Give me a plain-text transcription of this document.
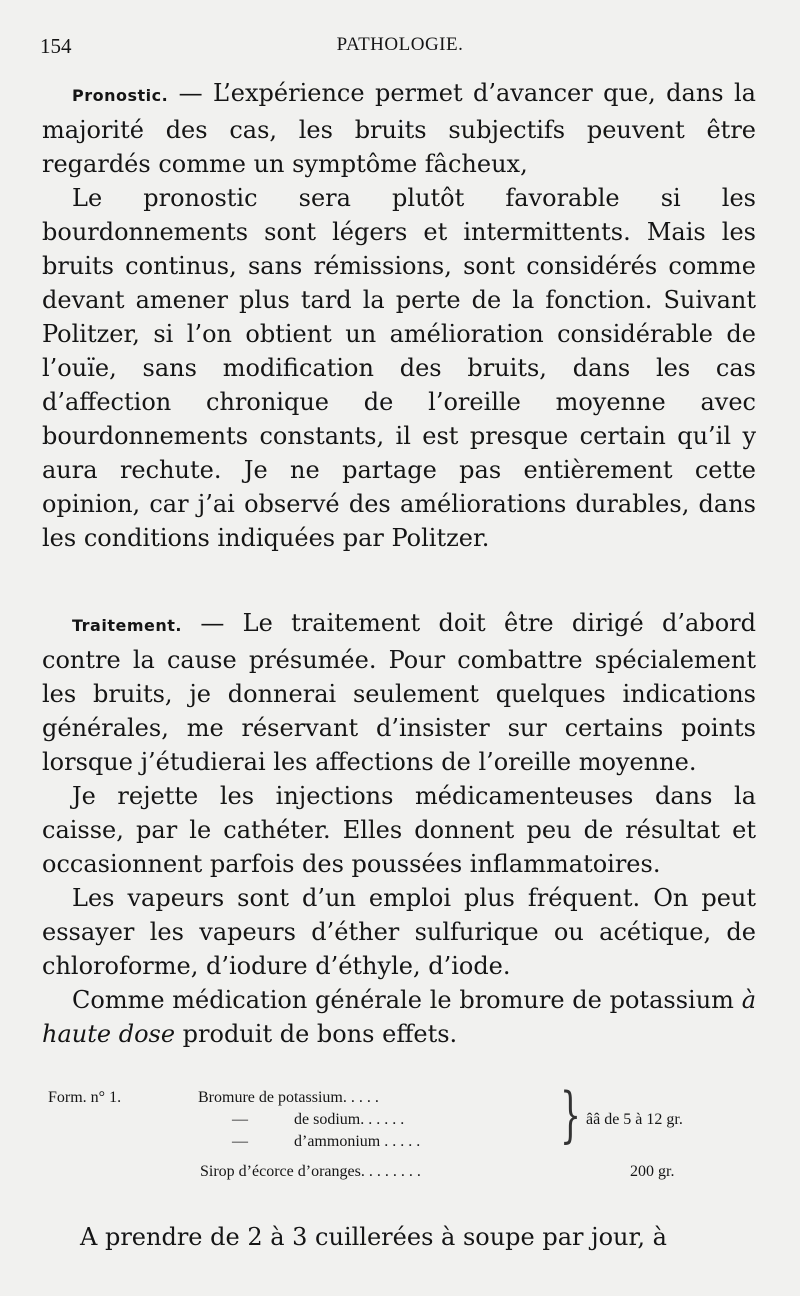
154	PATHOLOGIE.

Pronostic. — L’expérience permet d’avancer que, dans la majorité des cas, les bruits subjectifs peuvent être regardés comme un symptôme fâcheux,

Le pronostic sera plutôt favorable si les bourdonnements sont légers et intermittents. Mais les bruits continus, sans rémissions, sont considérés comme devant amener plus tard la perte de la fonction. Suivant Politzer, si l’on obtient un amélioration considérable de l’ouïe, sans modification des bruits, dans les cas d’affection chronique de l’oreille moyenne avec bourdonnements constants, il est presque certain qu’il y aura rechute. Je ne partage pas entièrement cette opinion, car j’ai observé des améliorations durables, dans les conditions indiquées par Politzer.

Traitement. — Le traitement doit être dirigé d’abord contre la cause présumée. Pour combattre spécialement les bruits, je donnerai seulement quelques indications générales, me réservant d’insister sur certains points lorsque j’étudierai les affections de l’oreille moyenne.

Je rejette les injections médicamenteuses dans la caisse, par le cathéter. Elles donnent peu de résultat et occasionnent parfois des poussées inflammatoires.

Les vapeurs sont d’un emploi plus fréquent. On peut essayer les vapeurs d’éther sulfurique ou acétique, de chloroforme, d’iodure d’éthyle, d’iode.

Comme médication générale le bromure de potassium à haute dose produit de bons effets.

Form. n° 1.	Bromure de potassium. . . . .
—	de sodium. . . . . .
—	d’ammonium . . . . . } ââ de 5 à 12 gr.
Sirop d’écorce d’oranges. . . . . . . .	200 gr.
A prendre de 2 à 3 cuillerées à soupe par jour, à
